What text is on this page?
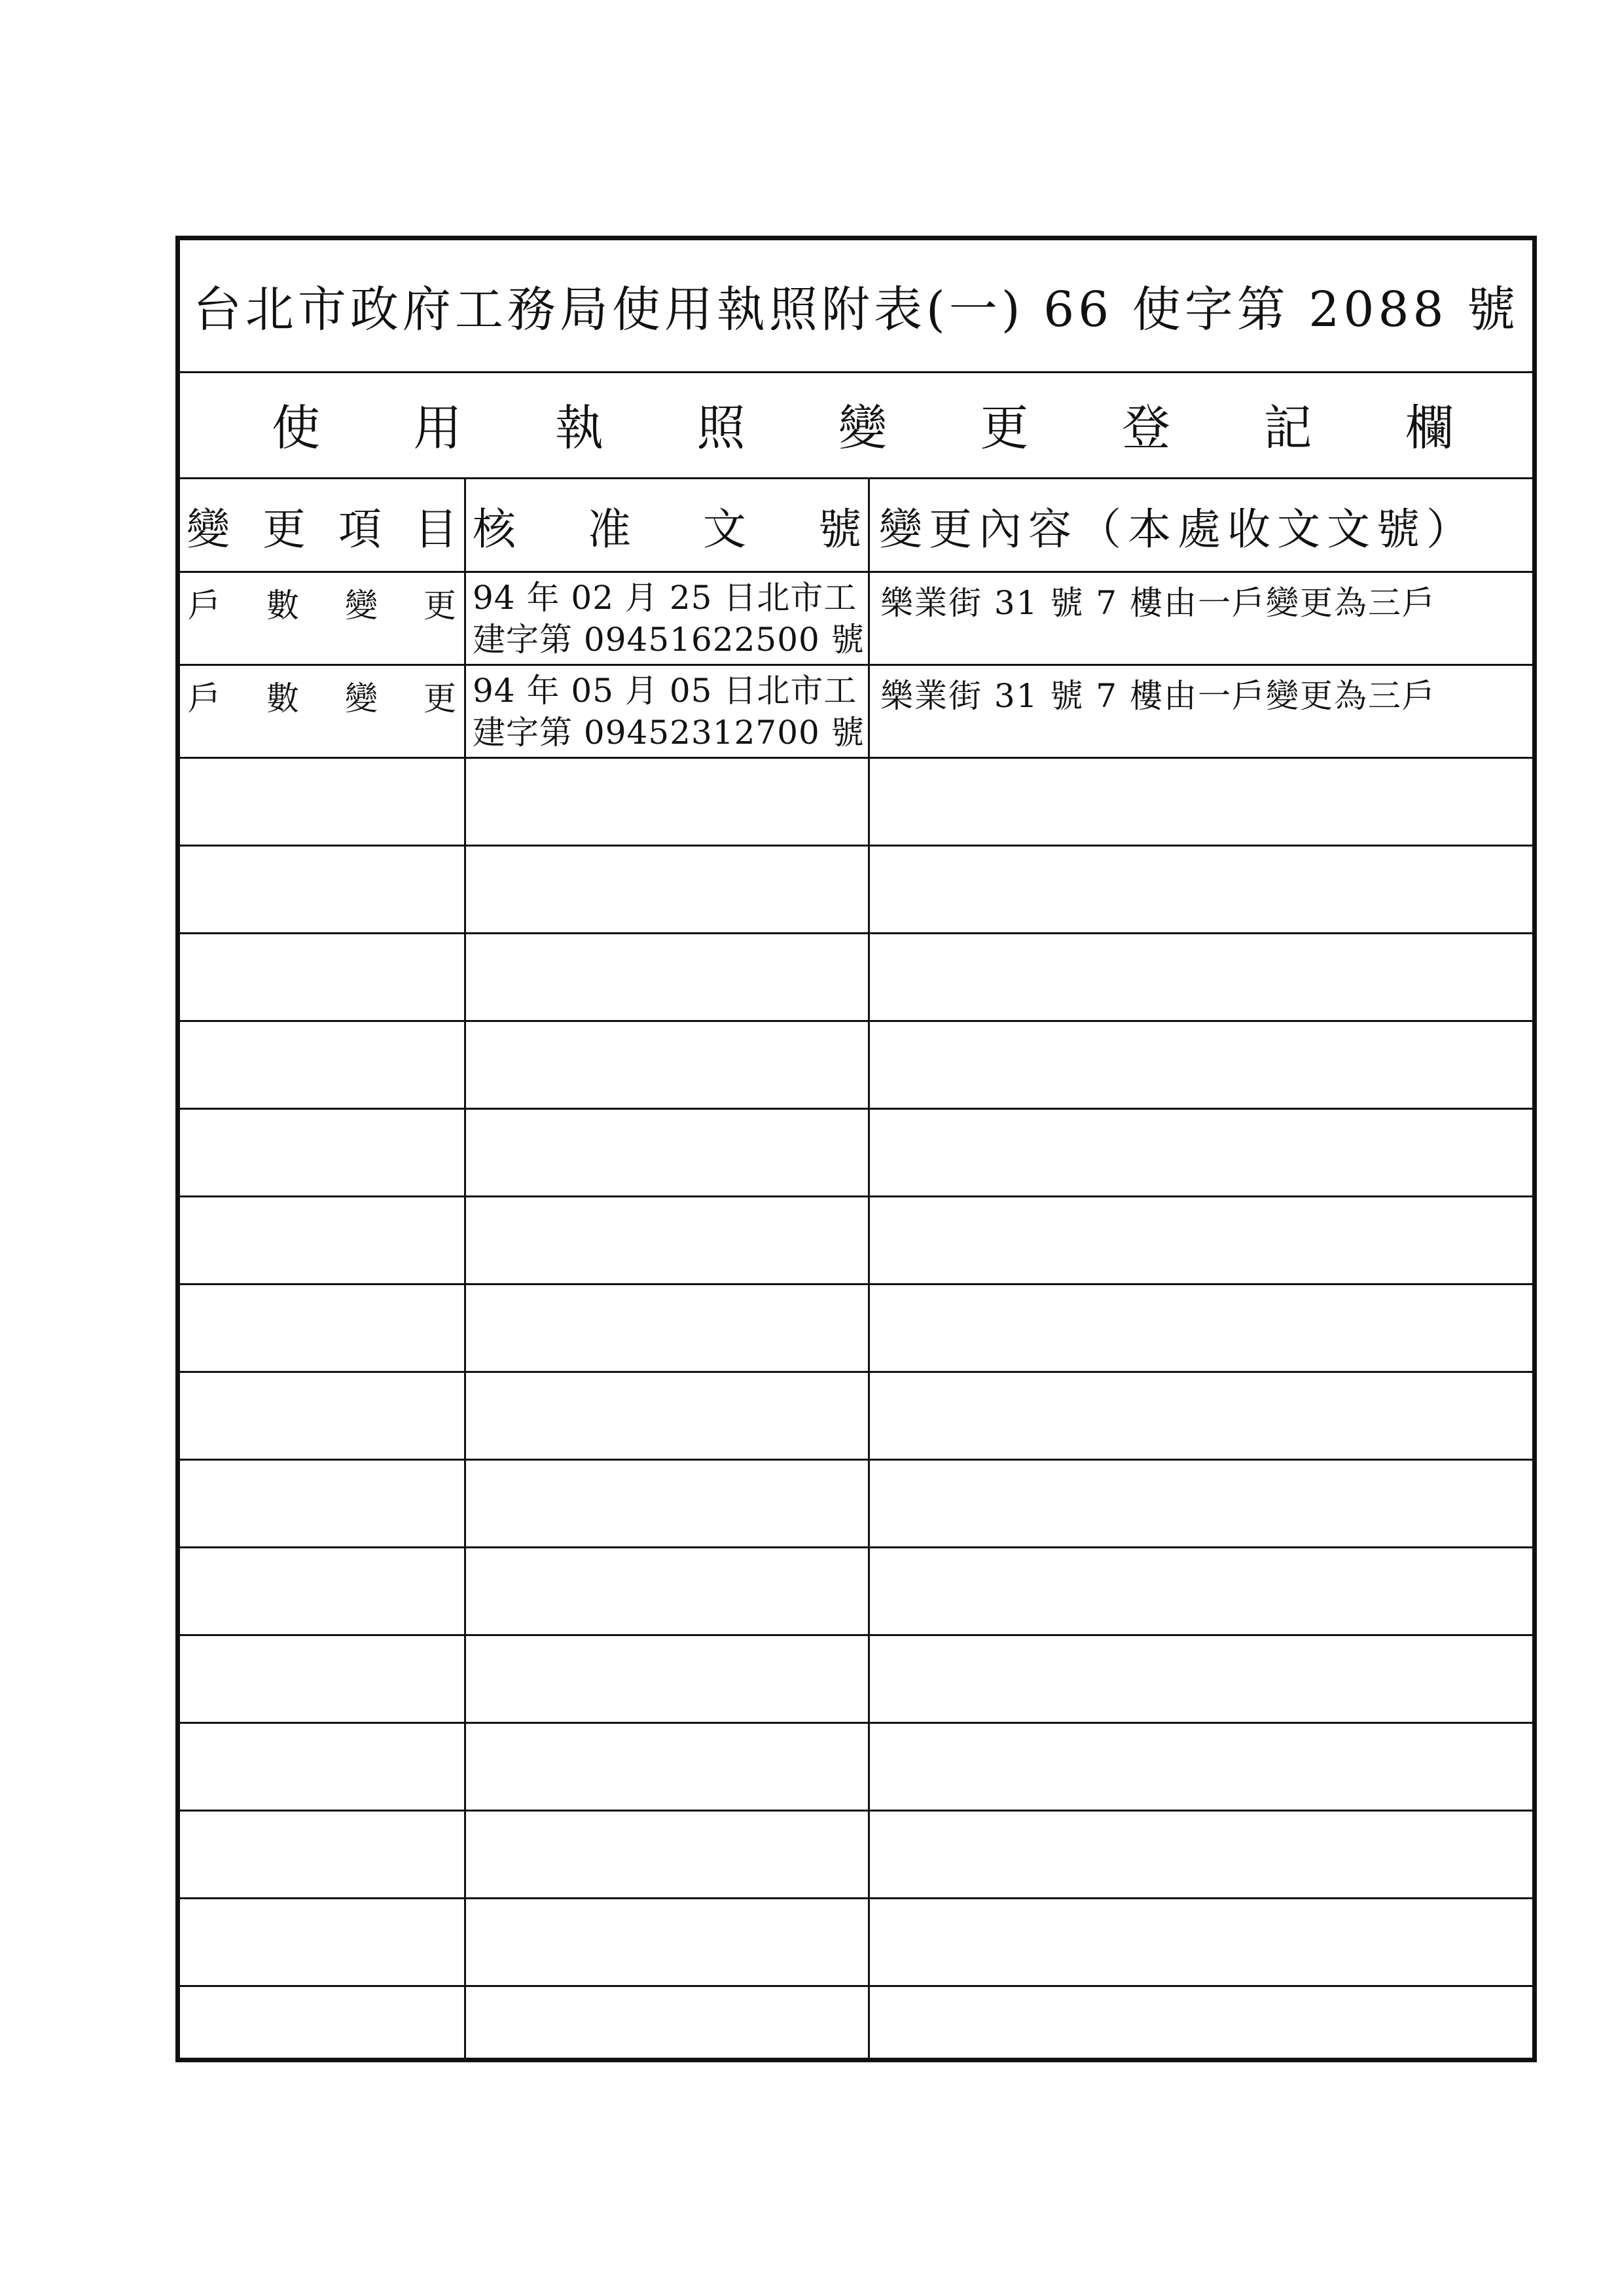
台北市政府工務局使用執照附表(一) 66 使字第 2088 號
使 用 執 照 變 更 登 記 欄
變 更 項 目 核 准 文 號 變更內容（本處收文文號）
戶 數 變 更 94 年 02 月 25 日北市工
建字第 09451622500 號
樂業街 31 號 7 樓由一戶變更為三戶
戶 數 變 更 94 年 05 月 05 日北市工
建字第 09452312700 號
樂業街 31 號 7 樓由一戶變更為三戶
